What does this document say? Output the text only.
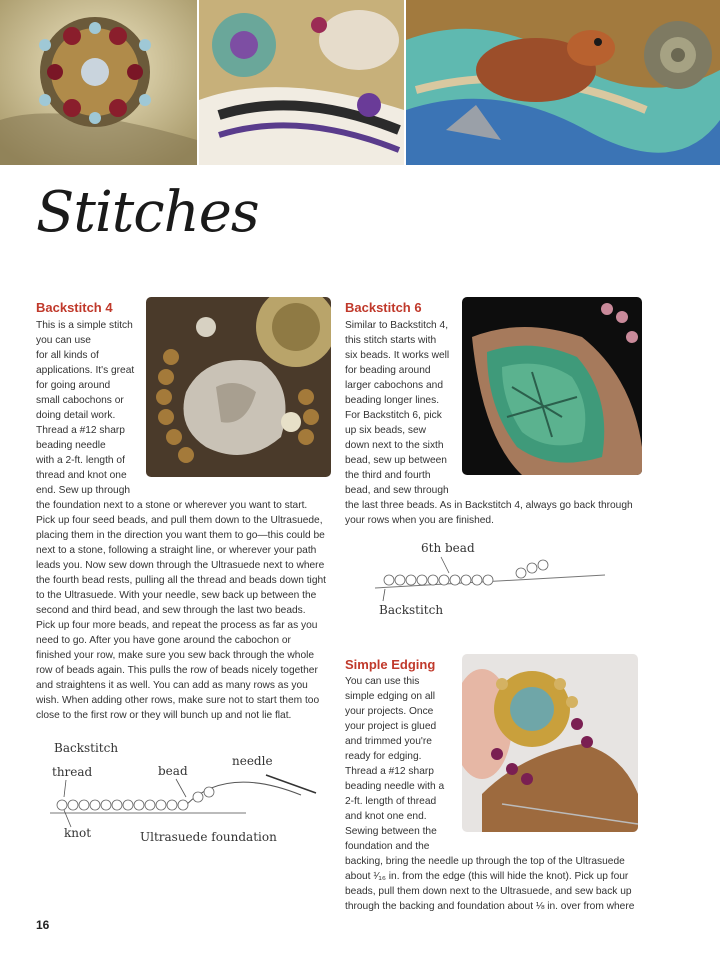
Stitches
Backstitch 4
This is a simple stitch
you can use
for all kinds of
applications. It's great
for going around
small cabochons or
doing detail work.
Thread a #12 sharp
beading needle
with a 2-ft. length of
thread and knot one
end. Sew up through
the foundation next to a stone or wherever you want to start.
Pick up four seed beads, and pull them down to the Ultrasuede,
placing them in the direction you want them to go—this could be
next to a stone, following a straight line, or wherever your path
leads you. Now sew down through the Ultrasuede next to where
the fourth bead rests, pulling all the thread and beads down tight
to the Ultrasuede. With your needle, sew back up between the
second and third bead, and sew through the last two beads.
Pick up four more beads, and repeat the process as far as you
need to go. After you have gone around the cabochon or
finished your row, make sure you sew back through the whole
row of beads again. This pulls the row of beads nicely together
and straightens it as well. You can add as many rows as you
wish. When adding other rows, make sure not to start them too
close to the first row or they will bunch up and not lie flat.
Backstitch
thread	bead
needle
knot	Ultrasuede foundation
Backstitch 6
Similar to Backstitch 4,
this stitch starts with
six beads. It works well
for beading around
larger cabochons and
beading longer lines.
For Backstitch 6, pick
up six beads, sew
down next to the sixth
bead, sew up between
the third and fourth
bead, and sew through
the last three beads. As in Backstitch 4, always go back through
your rows when you are finished.
6th bead
Backstitch
Simple Edging
You can use this
simple edging on all
your projects. Once
your project is glued
and trimmed you're
ready for edging.
Thread a #12 sharp
beading needle with a
2-ft. length of thread
and knot one end.
Sewing between the
foundation and the
backing, bring the needle up through the top of the Ultrasuede
about ¹⁄₁₆ in. from the edge (this will hide the knot). Pick up four
beads, pull them down next to the Ultrasuede, and sew back up
through the backing and foundation about ⅛ in. over from where
16
